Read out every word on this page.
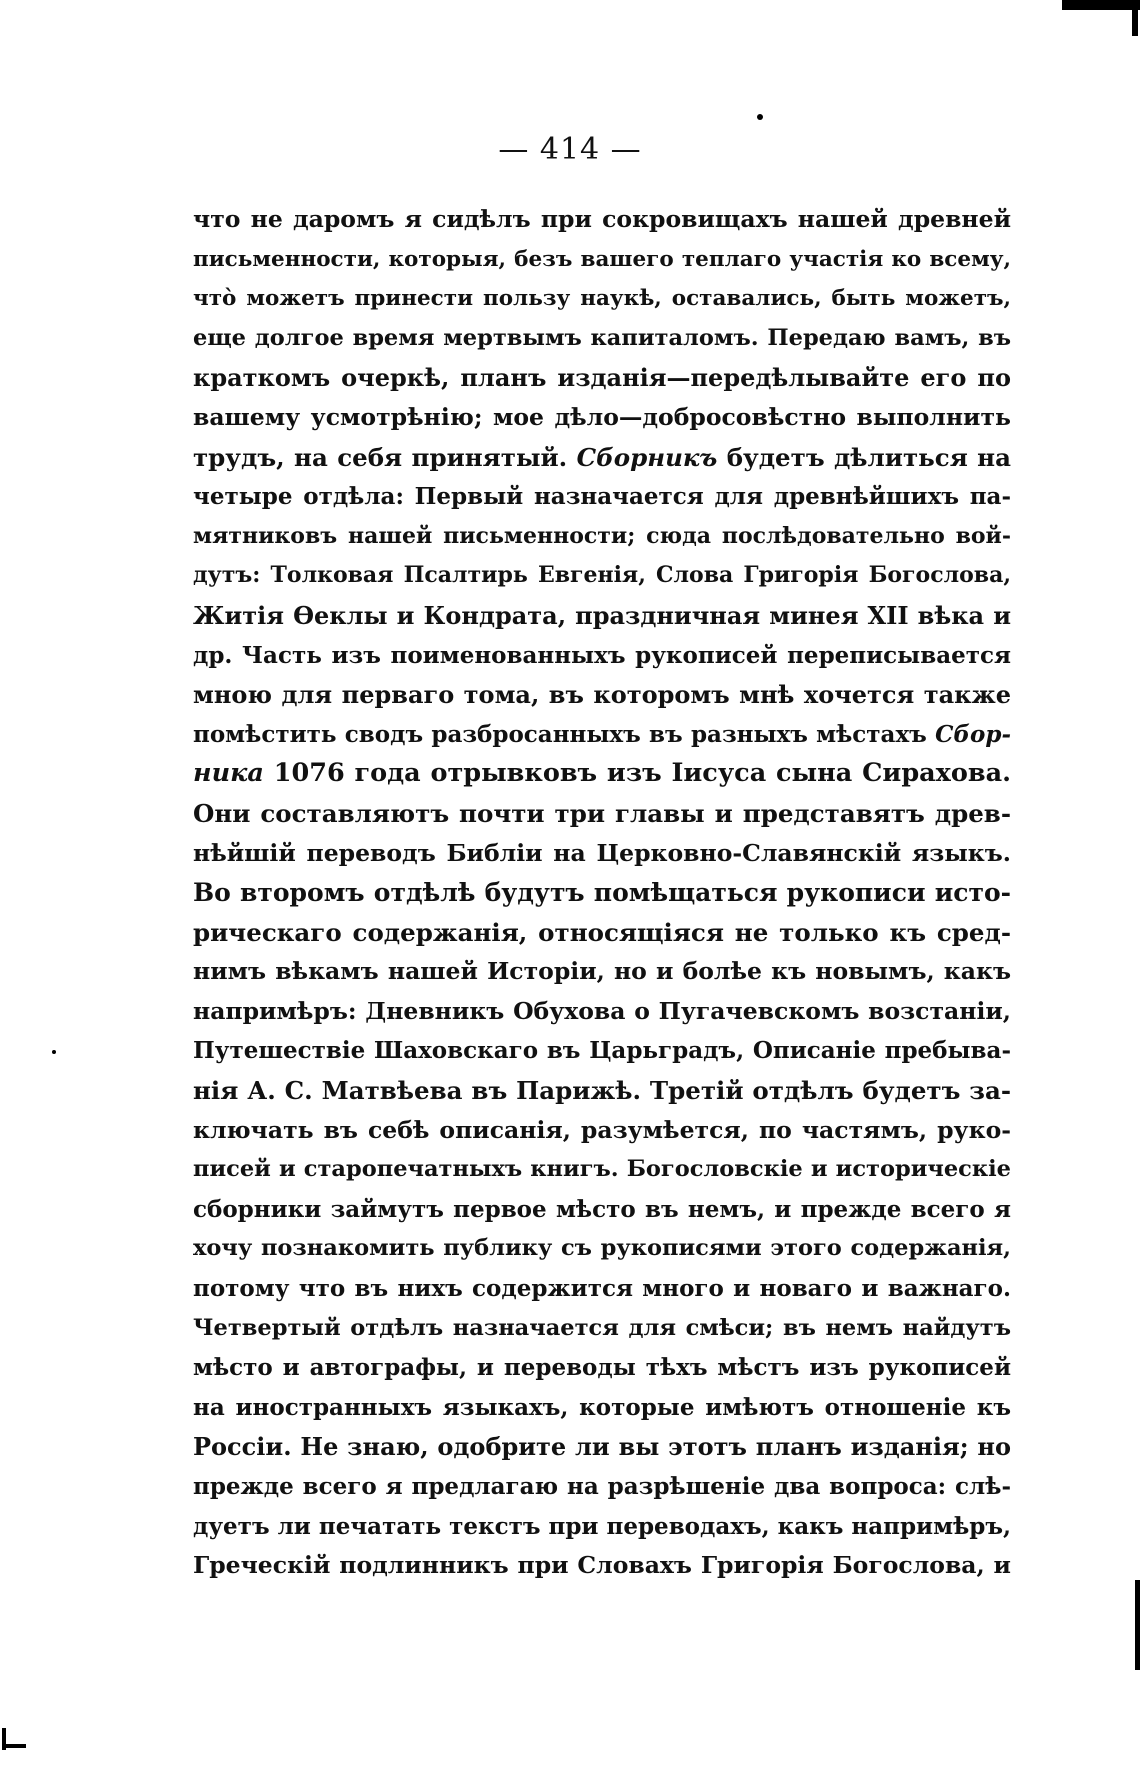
— 414 —
что не даромъ я сидѣлъ при сокровищахъ нашей древней
письменности, которыя, безъ вашего теплаго участія ко всему,
что̀ можетъ принести пользу наукѣ, оставались, быть можетъ,
еще долгое время мертвымъ капиталомъ. Передаю вамъ, въ
краткомъ очеркѣ, планъ изданія—передѣлывайте его по
вашему усмотрѣнію; мое дѣло—добросовѣстно выполнить
трудъ, на себя принятый. Сборникъ будетъ дѣлиться на
четыре отдѣла: Первый назначается для древнѣйшихъ па-
мятниковъ нашей письменности; сюда послѣдовательно вой-
дутъ: Толковая Псалтирь Евгенія, Слова Григорія Богослова,
Житія Ѳеклы и Кондрата, праздничная минея XII вѣка и
др. Часть изъ поименованныхъ рукописей переписывается
мною для перваго тома, въ которомъ мнѣ хочется также
помѣстить сводъ разбросанныхъ въ разныхъ мѣстахъ Сбор-
ника 1076 года отрывковъ изъ Іисуса сына Сирахова.
Они составляютъ почти три главы и представятъ древ-
нѣйшій переводъ Библіи на Церковно-Славянскій языкъ.
Во второмъ отдѣлѣ будутъ помѣщаться рукописи исто-
рическаго содержанія, относящіяся не только къ сред-
нимъ вѣкамъ нашей Исторіи, но и болѣе къ новымъ, какъ
напримѣръ: Дневникъ Обухова о Пугачевскомъ возстаніи,
Путешествіе Шаховскаго въ Царьградъ, Описаніе пребыва-
нія А. С. Матвѣева въ Парижѣ. Третій отдѣлъ будетъ за-
ключать въ себѣ описанія, разумѣется, по частямъ, руко-
писей и старопечатныхъ книгъ. Богословскіе и историческіе
сборники займутъ первое мѣсто въ немъ, и прежде всего я
хочу познакомить публику съ рукописями этого содержанія,
потому что въ нихъ содержится много и новаго и важнаго.
Четвертый отдѣлъ назначается для смѣси; въ немъ найдутъ
мѣсто и автографы, и переводы тѣхъ мѣстъ изъ рукописей
на иностранныхъ языкахъ, которые имѣютъ отношеніе къ
Россіи. Не знаю, одобрите ли вы этотъ планъ изданія; но
прежде всего я предлагаю на разрѣшеніе два вопроса: слѣ-
дуетъ ли печатать текстъ при переводахъ, какъ напримѣръ,
Греческій подлинникъ при Словахъ Григорія Богослова, и
